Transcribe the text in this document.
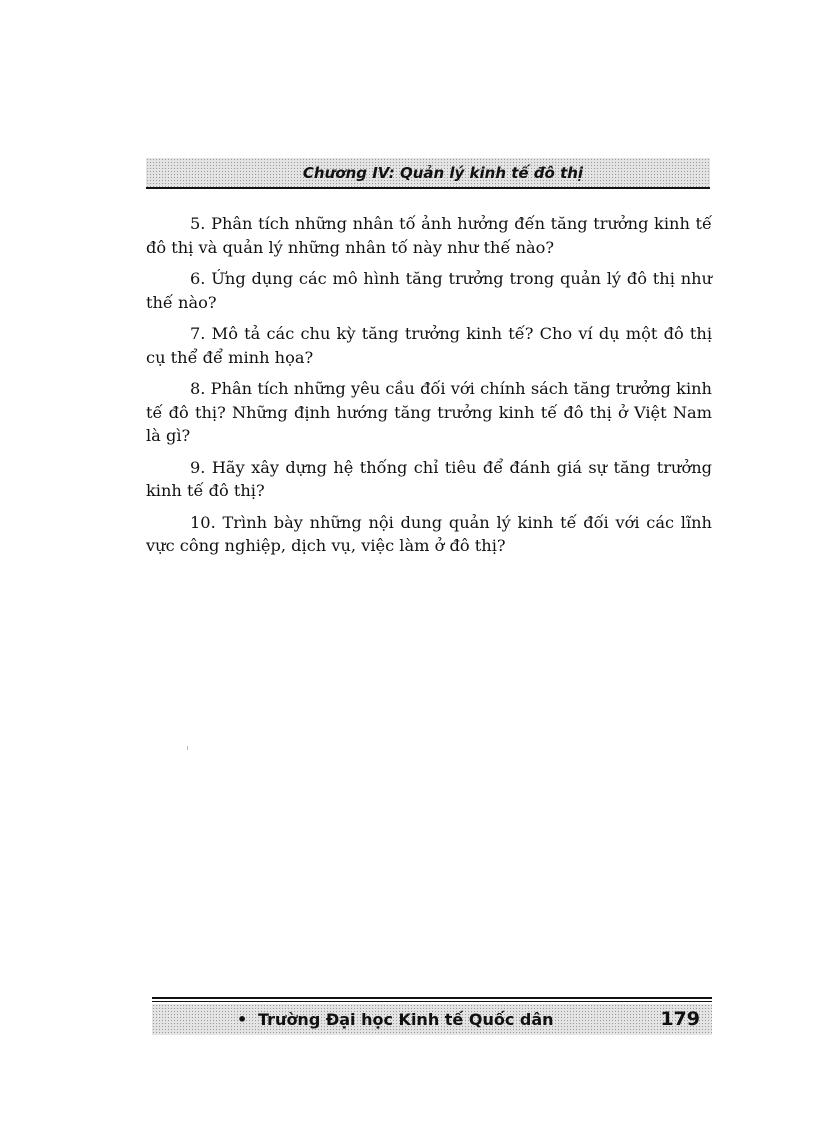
Chương IV: Quản lý kinh tế đô thị

5. Phân tích những nhân tố ảnh hưởng đến tăng trưởng kinh tế đô thị và quản lý những nhân tố này như thế nào?

6. Ứng dụng các mô hình tăng trưởng trong quản lý đô thị như thế nào?

7. Mô tả các chu kỳ tăng trưởng kinh tế? Cho ví dụ một đô thị cụ thể để minh họa?

8. Phân tích những yêu cầu đối với chính sách tăng trưởng kinh tế đô thị? Những định hướng tăng trưởng kinh tế đô thị ở Việt Nam là gì?

9. Hãy xây dựng hệ thống chỉ tiêu để đánh giá sự tăng trưởng kinh tế đô thị?

10. Trình bày những nội dung quản lý kinh tế đối với các lĩnh vực công nghiệp, dịch vụ, việc làm ở đô thị?

• Trường Đại học Kinh tế Quốc dân	179
